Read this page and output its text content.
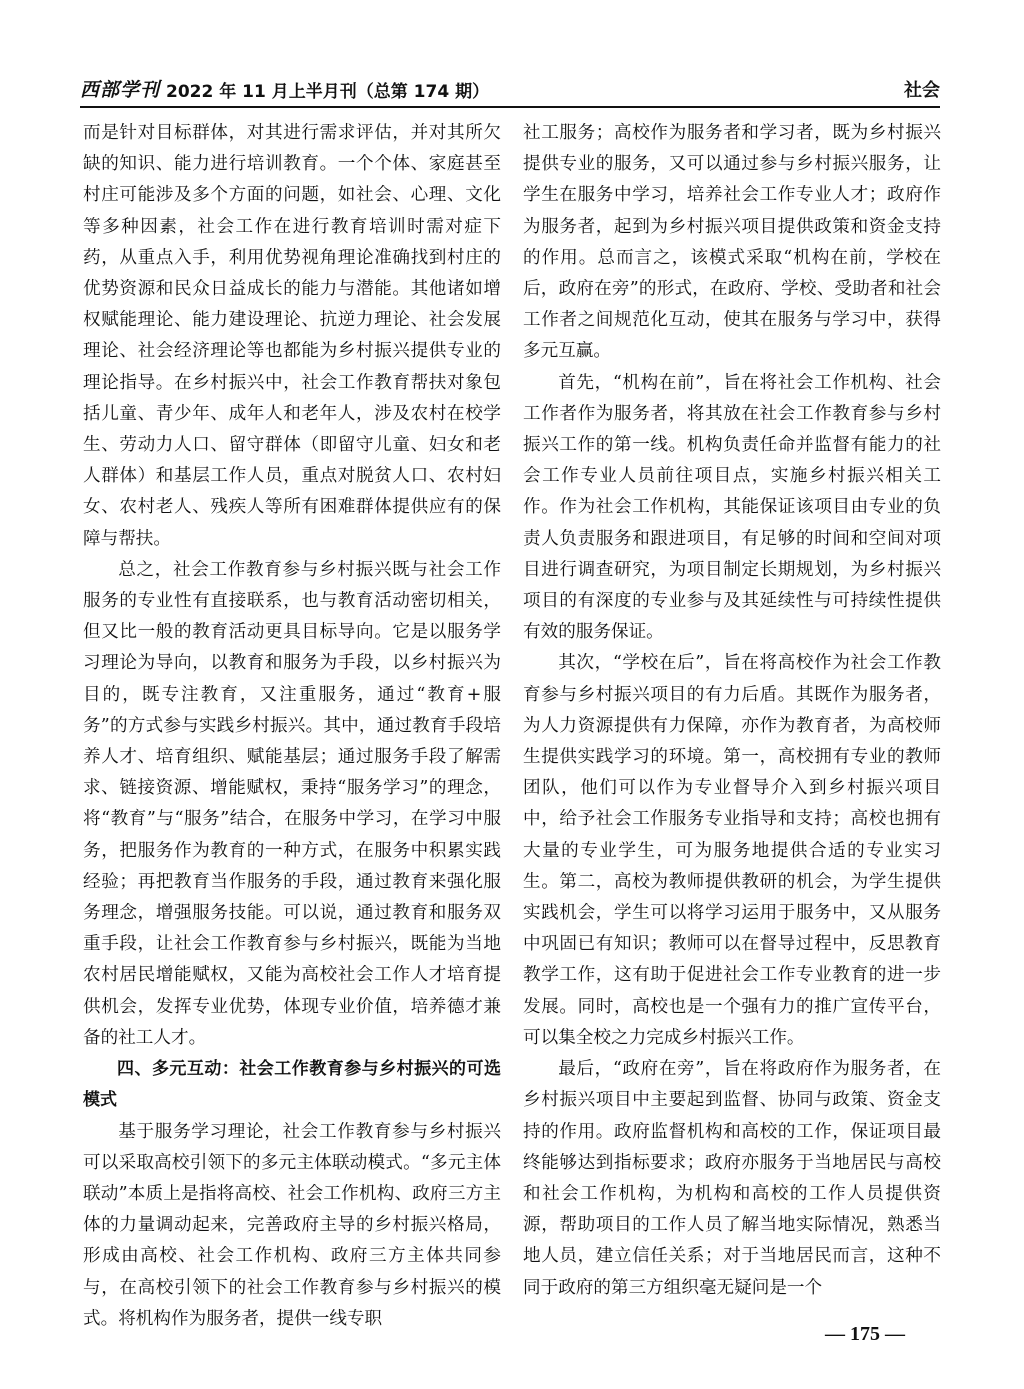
西部学刊 2022 年 11 月上半月刊（总第 174 期）	社会

而是针对目标群体，对其进行需求评估，并对其所欠缺的知识、能力进行培训教育。一个个体、家庭甚至村庄可能涉及多个方面的问题，如社会、心理、文化等多种因素，社会工作在进行教育培训时需对症下药，从重点入手，利用优势视角理论准确找到村庄的优势资源和民众日益成长的能力与潜能。其他诸如增权赋能理论、能力建设理论、抗逆力理论、社会发展理论、社会经济理论等也都能为乡村振兴提供专业的理论指导。在乡村振兴中，社会工作教育帮扶对象包括儿童、青少年、成年人和老年人，涉及农村在校学生、劳动力人口、留守群体（即留守儿童、妇女和老人群体）和基层工作人员，重点对脱贫人口、农村妇女、农村老人、残疾人等所有困难群体提供应有的保障与帮扶。

总之，社会工作教育参与乡村振兴既与社会工作服务的专业性有直接联系，也与教育活动密切相关，但又比一般的教育活动更具目标导向。它是以服务学习理论为导向，以教育和服务为手段，以乡村振兴为目的，既专注教育，又注重服务，通过“教育+服务”的方式参与实践乡村振兴。其中，通过教育手段培养人才、培育组织、赋能基层；通过服务手段了解需求、链接资源、增能赋权，秉持“服务学习”的理念，将“教育”与“服务”结合，在服务中学习，在学习中服务，把服务作为教育的一种方式，在服务中积累实践经验；再把教育当作服务的手段，通过教育来强化服务理念，增强服务技能。可以说，通过教育和服务双重手段，让社会工作教育参与乡村振兴，既能为当地农村居民增能赋权，又能为高校社会工作人才培育提供机会，发挥专业优势，体现专业价值，培养德才兼备的社工人才。

四、多元互动：社会工作教育参与乡村振兴的可选模式

基于服务学习理论，社会工作教育参与乡村振兴可以采取高校引领下的多元主体联动模式。“多元主体联动”本质上是指将高校、社会工作机构、政府三方主体的力量调动起来，完善政府主导的乡村振兴格局，形成由高校、社会工作机构、政府三方主体共同参与，在高校引领下的社会工作教育参与乡村振兴的模式。将机构作为服务者，提供一线专职

社工服务；高校作为服务者和学习者，既为乡村振兴提供专业的服务，又可以通过参与乡村振兴服务，让学生在服务中学习，培养社会工作专业人才；政府作为服务者，起到为乡村振兴项目提供政策和资金支持的作用。总而言之，该模式采取“机构在前，学校在后，政府在旁”的形式，在政府、学校、受助者和社会工作者之间规范化互动，使其在服务与学习中，获得多元互赢。

首先，“机构在前”，旨在将社会工作机构、社会工作者作为服务者，将其放在社会工作教育参与乡村振兴工作的第一线。机构负责任命并监督有能力的社会工作专业人员前往项目点，实施乡村振兴相关工作。作为社会工作机构，其能保证该项目由专业的负责人负责服务和跟进项目，有足够的时间和空间对项目进行调查研究，为项目制定长期规划，为乡村振兴项目的有深度的专业参与及其延续性与可持续性提供有效的服务保证。

其次，“学校在后”，旨在将高校作为社会工作教育参与乡村振兴项目的有力后盾。其既作为服务者，为人力资源提供有力保障，亦作为教育者，为高校师生提供实践学习的环境。第一，高校拥有专业的教师团队，他们可以作为专业督导介入到乡村振兴项目中，给予社会工作服务专业指导和支持；高校也拥有大量的专业学生，可为服务地提供合适的专业实习生。第二，高校为教师提供教研的机会，为学生提供实践机会，学生可以将学习运用于服务中，又从服务中巩固已有知识；教师可以在督导过程中，反思教育教学工作，这有助于促进社会工作专业教育的进一步发展。同时，高校也是一个强有力的推广宣传平台，可以集全校之力完成乡村振兴工作。

最后，“政府在旁”，旨在将政府作为服务者，在乡村振兴项目中主要起到监督、协同与政策、资金支持的作用。政府监督机构和高校的工作，保证项目最终能够达到指标要求；政府亦服务于当地居民与高校和社会工作机构，为机构和高校的工作人员提供资源，帮助项目的工作人员了解当地实际情况，熟悉当地人员，建立信任关系；对于当地居民而言，这种不同于政府的第三方组织毫无疑问是一个

— 175 —
